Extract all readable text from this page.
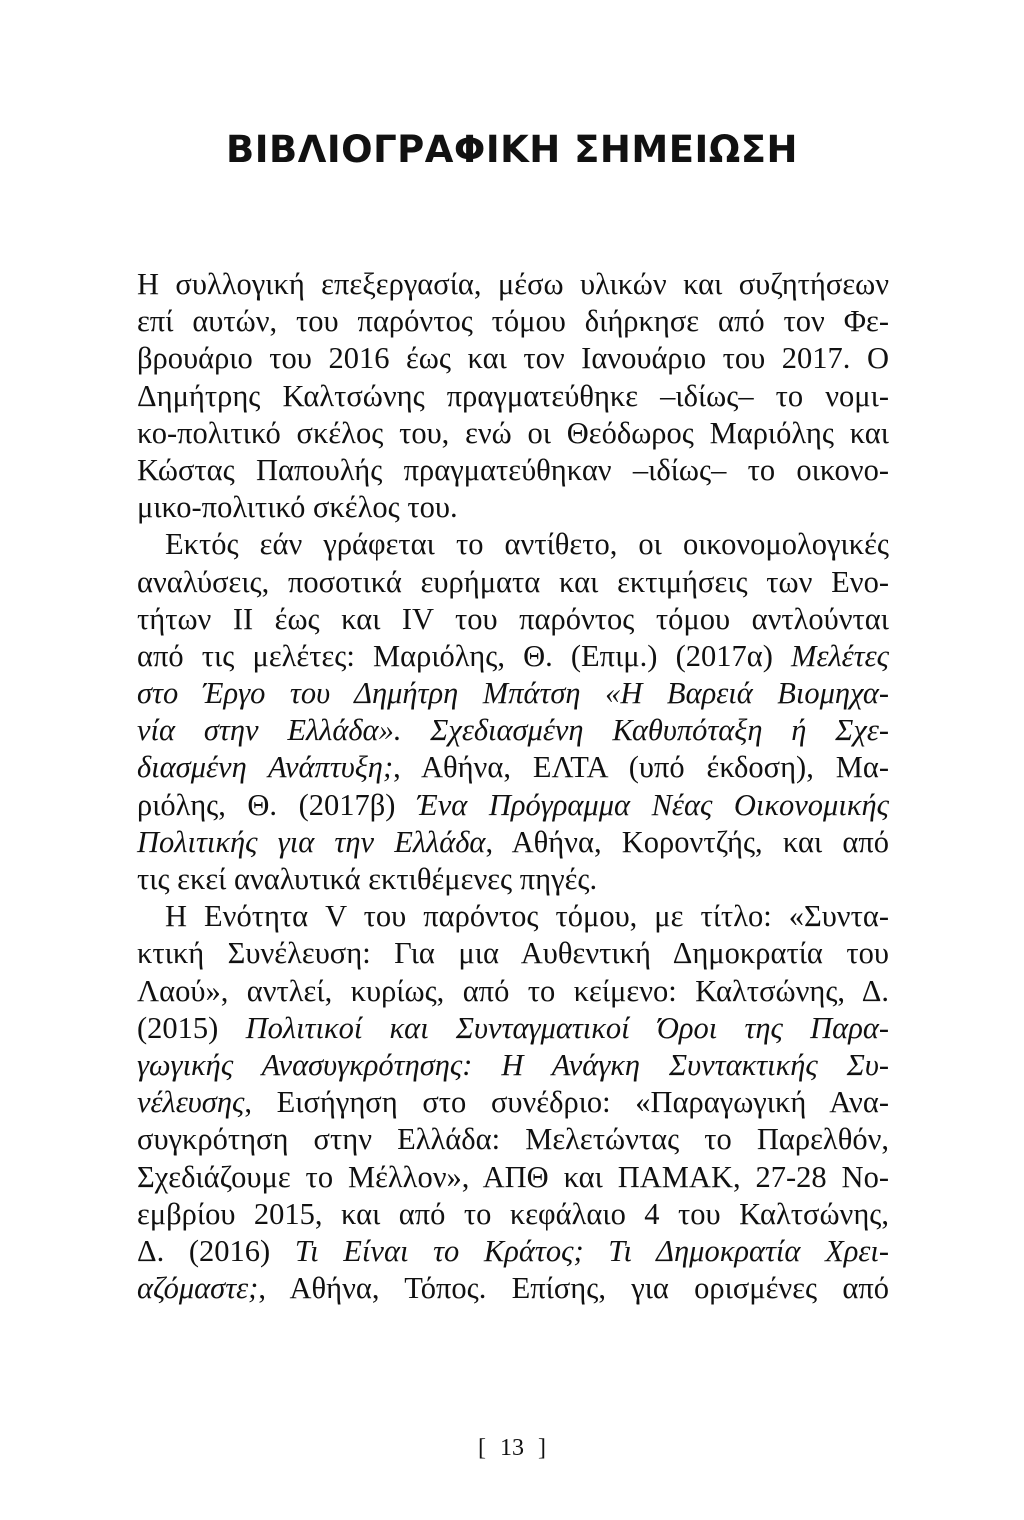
ΒΙΒΛΙΟΓΡΑΦΙΚΗ ΣΗΜΕΙΩΣΗ
Η συλλογική επεξεργασία, μέσω υλικών και συζητήσεων
επί αυτών, του παρόντος τόμου διήρκησε από τον Φε-
βρουάριο του 2016 έως και τον Ιανουάριο του 2017. Ο
Δημήτρης Καλτσώνης πραγματεύθηκε –ιδίως– το νομι-
κο-πολιτικό σκέλος του, ενώ οι Θεόδωρος Μαριόλης και
Κώστας Παπουλής πραγματεύθηκαν –ιδίως– το οικονο-
μικο-πολιτικό σκέλος του.
Εκτός εάν γράφεται το αντίθετο, οι οικονομολογικές
αναλύσεις, ποσοτικά ευρήματα και εκτιμήσεις των Ενο-
τήτων ΙΙ έως και IV του παρόντος τόμου αντλούνται
από τις μελέτες: Μαριόλης, Θ. (Επιμ.) (2017α) Μελέτες
στο Έργο του Δημήτρη Μπάτση «Η Βαρειά Βιομηχα-
νία στην Ελλάδα». Σχεδιασμένη Καθυπόταξη ή Σχε-
διασμένη Ανάπτυξη;, Αθήνα, ΕΛΤΑ (υπό έκδοση), Μα-
ριόλης, Θ. (2017β) Ένα Πρόγραμμα Νέας Οικονομικής
Πολιτικής για την Ελλάδα, Αθήνα, Κοροντζής, και από
τις εκεί αναλυτικά εκτιθέμενες πηγές.
Η Ενότητα V του παρόντος τόμου, με τίτλο: «Συντα-
κτική Συνέλευση: Για μια Αυθεντική Δημοκρατία του
Λαού», αντλεί, κυρίως, από το κείμενο: Καλτσώνης, Δ.
(2015) Πολιτικοί και Συνταγματικοί Όροι της Παρα-
γωγικής Ανασυγκρότησης: Η Ανάγκη Συντακτικής Συ-
νέλευσης, Εισήγηση στο συνέδριο: «Παραγωγική Ανα-
συγκρότηση στην Ελλάδα: Μελετώντας το Παρελθόν,
Σχεδιάζουμε το Μέλλον», ΑΠΘ και ΠΑΜΑΚ, 27-28 Νο-
εμβρίου 2015, και από το κεφάλαιο 4 του Καλτσώνης,
Δ. (2016) Τι Είναι το Κράτος; Τι Δημοκρατία Χρει-
αζόμαστε;, Αθήνα, Τόπος. Επίσης, για ορισμένες από
[ 13 ]
